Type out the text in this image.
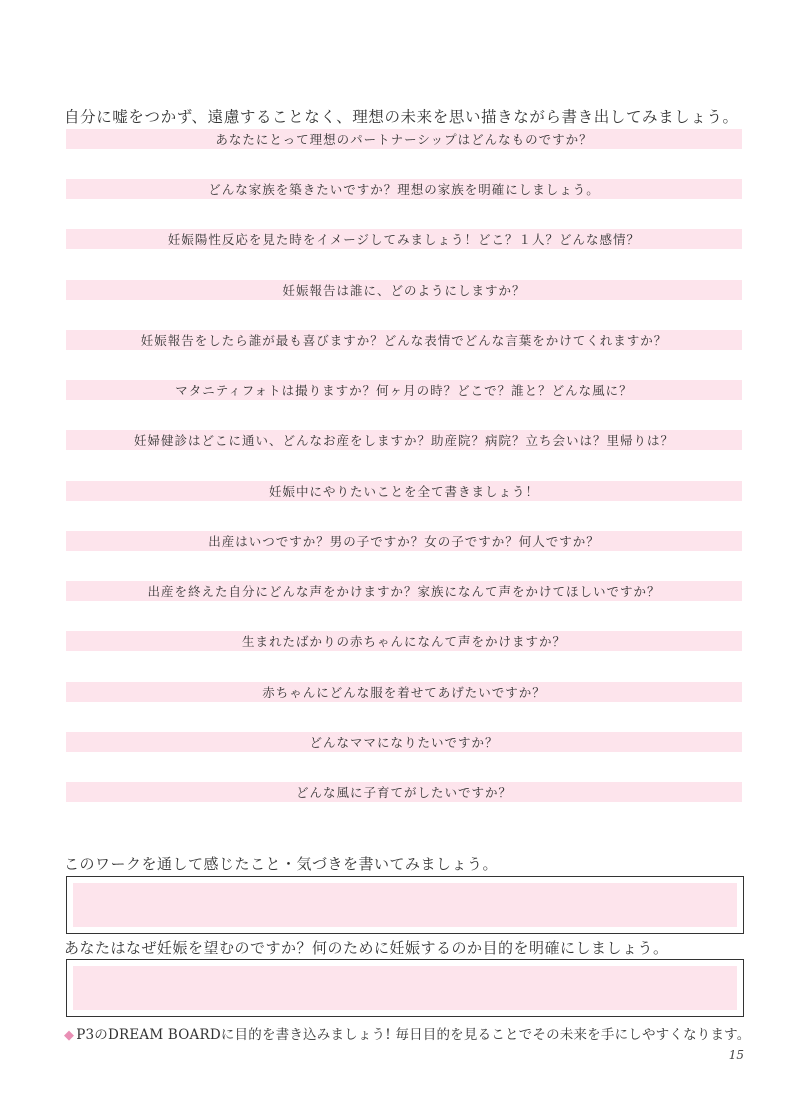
自分に嘘をつかず、遠慮することなく、理想の未来を思い描きながら書き出してみましょう。
あなたにとって理想のパートナーシップはどんなものですか？
どんな家族を築きたいですか？理想の家族を明確にしましょう。
妊娠陽性反応を見た時をイメージしてみましょう！どこ？１人？どんな感情？
妊娠報告は誰に、どのようにしますか？
妊娠報告をしたら誰が最も喜びますか？どんな表情でどんな言葉をかけてくれますか？
マタニティフォトは撮りますか？何ヶ月の時？どこで？誰と？どんな風に？
妊婦健診はどこに通い、どんなお産をしますか？助産院？病院？立ち会いは？里帰りは？
妊娠中にやりたいことを全て書きましょう！
出産はいつですか？男の子ですか？女の子ですか？何人ですか？
出産を終えた自分にどんな声をかけますか？家族になんて声をかけてほしいですか？
生まれたばかりの赤ちゃんになんて声をかけますか？
赤ちゃんにどんな服を着せてあげたいですか？
どんなママになりたいですか？
どんな風に子育てがしたいですか？
このワークを通して感じたこと・気づきを書いてみましょう。
あなたはなぜ妊娠を望むのですか？何のために妊娠するのか目的を明確にしましょう。
◆ P3のDREAM BOARDに目的を書き込みましょう! 毎日目的を見ることでその未来を手にしやすくなります。
15
